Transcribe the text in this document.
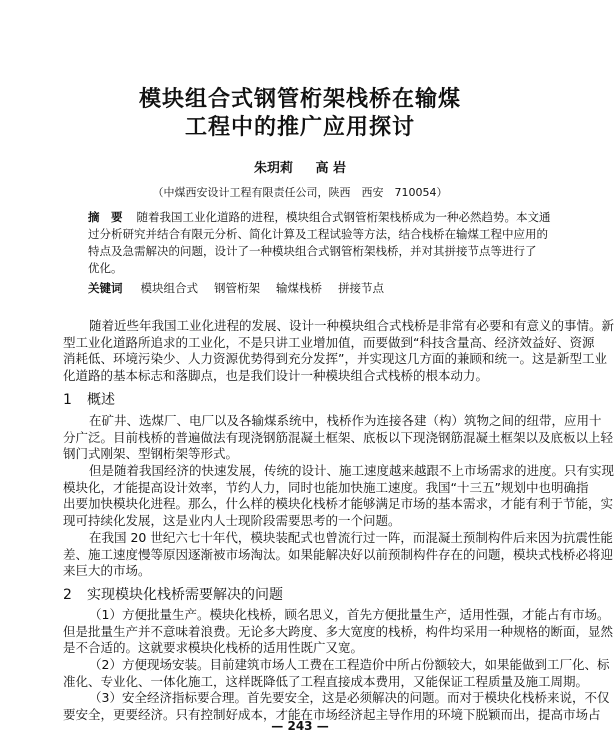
模块组合式钢管桁架栈桥在输煤
工程中的推广应用探讨
朱玥莉 高 岩
（中煤西安设计工程有限责任公司，陕西　西安　710054）
摘　要 随着我国工业化道路的进程，模块组合式钢管桁架栈桥成为一种必然趋势。本文通
过分析研究并结合有限元分析、简化计算及工程试验等方法，结合栈桥在输煤工程中应用的
特点及急需解决的问题，设计了一种模块组合式钢管桁架栈桥，并对其拼接节点等进行了
优化。
关键词 模块组合式 钢管桁架 输煤栈桥 拼接节点
随着近些年我国工业化进程的发展、设计一种模块组合式栈桥是非常有必要和有意义的事情。新
型工业化道路所追求的工业化，不是只讲工业增加值，而要做到“科技含量高、经济效益好、资源
消耗低、环境污染少、人力资源优势得到充分发挥”，并实现这几方面的兼顾和统一。这是新型工业
化道路的基本标志和落脚点，也是我们设计一种模块组合式栈桥的根本动力。
1 概述
在矿井、选煤厂、电厂以及各输煤系统中，栈桥作为连接各建（构）筑物之间的纽带，应用十
分广泛。目前栈桥的普遍做法有现浇钢筋混凝土框架、底板以下现浇钢筋混凝土框架以及底板以上轻
钢门式刚架、型钢桁架等形式。
但是随着我国经济的快速发展，传统的设计、施工速度越来越跟不上市场需求的进度。只有实现
模块化，才能提高设计效率，节约人力，同时也能加快施工速度。我国“十三五”规划中也明确指
出要加快模块化进程。那么，什么样的模块化栈桥才能够满足市场的基本需求，才能有利于节能，实
现可持续化发展，这是业内人士现阶段需要思考的一个问题。
在我国 20 世纪六七十年代，模块装配式也曾流行过一阵，而混凝土预制构件后来因为抗震性能
差、施工速度慢等原因逐渐被市场淘汰。如果能解决好以前预制构件存在的问题，模块式栈桥必将迎
来巨大的市场。
2 实现模块化栈桥需要解决的问题
（1）方便批量生产。模块化栈桥，顾名思义，首先方便批量生产，适用性强，才能占有市场。
但是批量生产并不意味着浪费。无论多大跨度、多大宽度的栈桥，构件均采用一种规格的断面，显然
是不合适的。这就要求模块化栈桥的适用性既广又宽。
（2）方便现场安装。目前建筑市场人工费在工程造价中所占份额较大，如果能做到工厂化、标
准化、专业化、一体化施工，这样既降低了工程直接成本费用，又能保证工程质量及施工周期。
（3）安全经济指标要合理。首先要安全，这是必须解决的问题。而对于模块化栈桥来说，不仅
要安全，更要经济。只有控制好成本，才能在市场经济起主导作用的环境下脱颖而出，提高市场占
— 243 —
